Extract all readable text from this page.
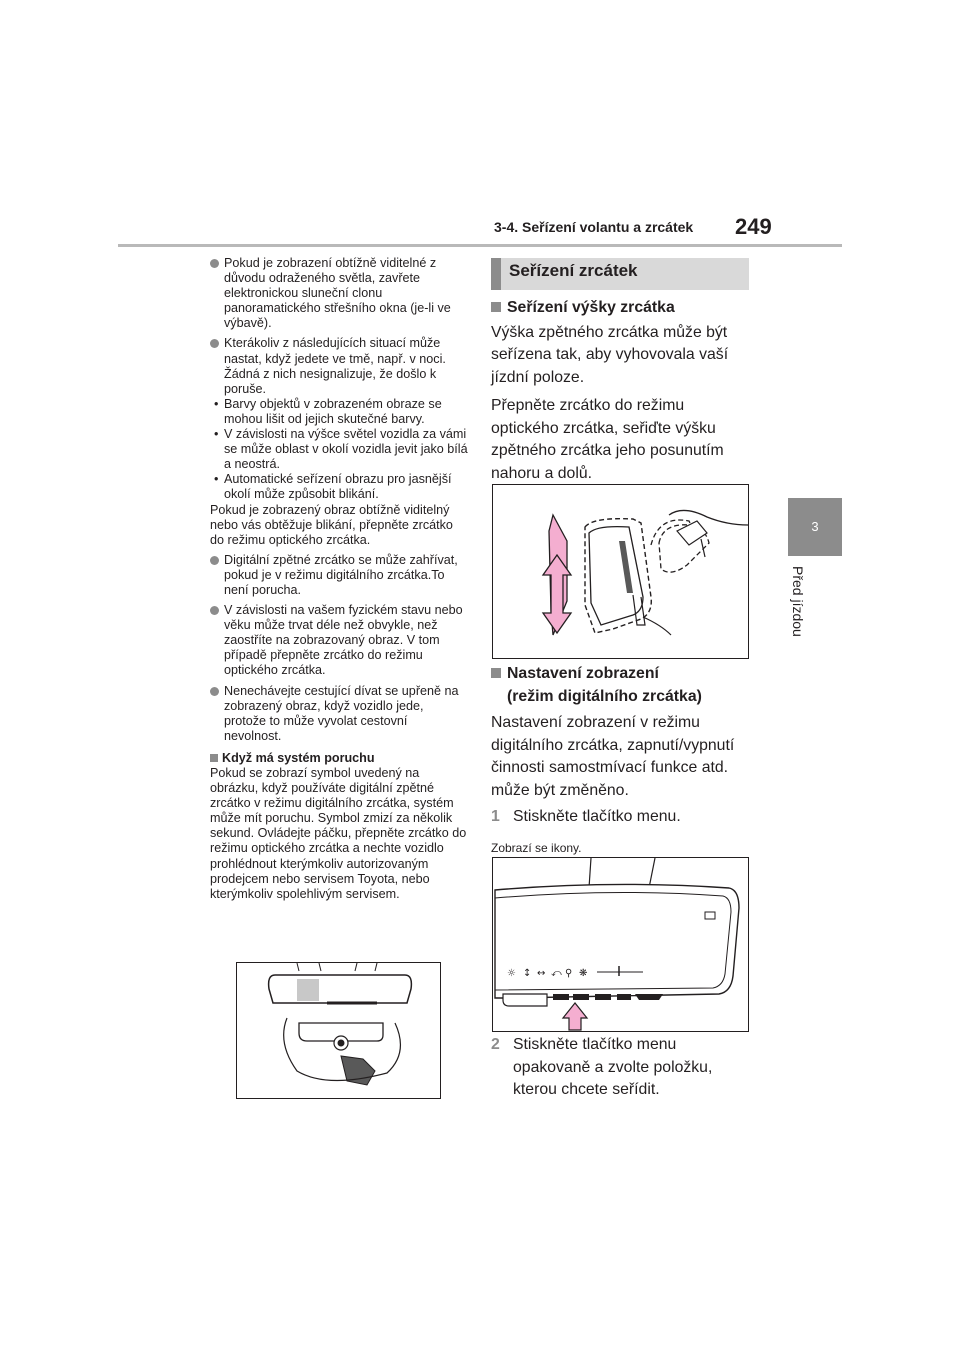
3-4. Seřízení volantu a zrcátek 249
3
Před jízdou

Pokud je zobrazení obtížně viditelné z důvodu odraženého světla, zavřete elektronickou sluneční clonu panoramatického střešního okna (je-li ve výbavě).

Kterákoliv z následujících situací může nastat, když jedete ve tmě, např. v noci. Žádná z nich nesignalizuje, že došlo k poruše.

• Barvy objektů v zobrazeném obraze se mohou lišit od jejich skutečné barvy.

• V závislosti na výšce světel vozidla za vámi se může oblast v okolí vozidla jevit jako bílá a neostrá.

• Automatické seřízení obrazu pro jasnější okolí může způsobit blikání.

Pokud je zobrazený obraz obtížně viditelný nebo vás obtěžuje blikání, přepněte zrcátko do režimu optického zrcátka.

Digitální zpětné zrcátko se může zahřívat, pokud je v režimu digitálního zrcátka.To není porucha.

V závislosti na vašem fyzickém stavu nebo věku může trvat déle než obvykle, než zaostříte na zobrazovaný obraz. V tom případě přepněte zrcátko do režimu optického zrcátka.

Nenechávejte cestující dívat se upřeně na zobrazený obraz, když vozidlo jede, protože to může vyvolat cestovní nevolnost.

Když má systém poruchu

Pokud se zobrazí symbol uvedený na obrázku, když používáte digitální zpětné zrcátko v režimu digitálního zrcátka, systém může mít poruchu. Symbol zmizí za několik sekund. Ovládejte páčku, přepněte zrcátko do režimu optického zrcátka a nechte vozidlo prohlédnout kterýmkoliv autorizovaným prodejcem nebo servisem Toyota, nebo kterýmkoliv spolehlivým servisem.

Seřízení zrcátek

Seřízení výšky zrcátka

Výška zpětného zrcátka může být seřízena tak, aby vyhovovala vaší jízdní poloze.

Přepněte zrcátko do režimu optického zrcátka, seřiďte výšku zpětného zrcátka jeho posunutím nahoru a dolů.

Nastavení zobrazení

(režim digitálního zrcátka)

Nastavení zobrazení v režimu digitálního zrcátka, zapnutí/vypnutí činnosti samostmívací funkce atd. může být změněno.

1 Stiskněte tlačítko menu.

Zobrazí se ikony.

☼ ↕ ↔ ⤺ ⚲ ❋

2 Stiskněte tlačítko menu opakovaně a zvolte položku, kterou chcete seřídit.
